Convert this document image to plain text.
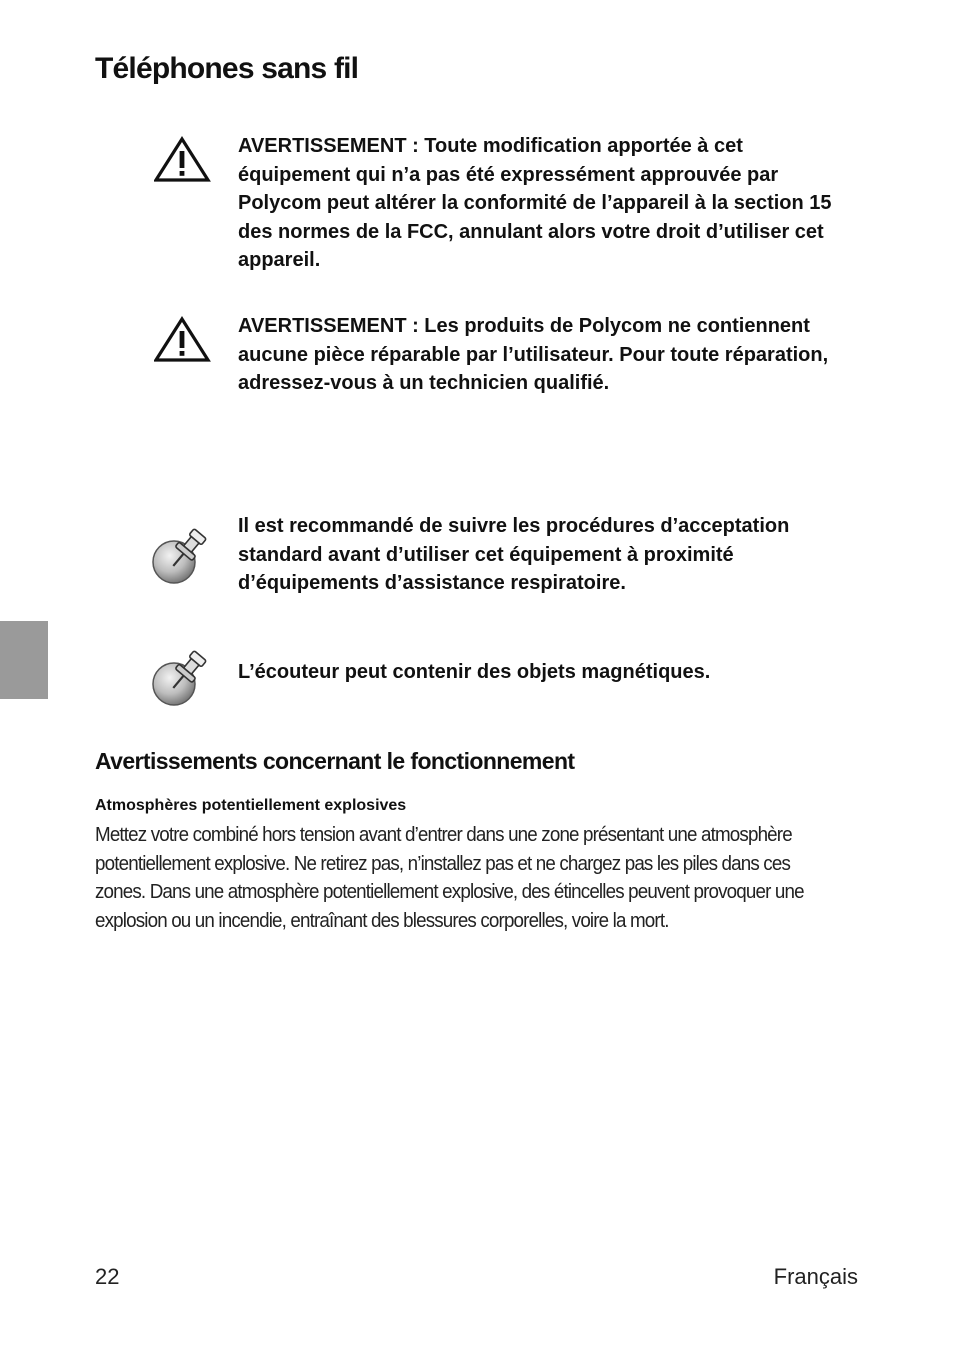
Téléphones sans fil

AVERTISSEMENT : Toute modification apportée à cet équipement qui n’a pas été expressément approuvée par Polycom peut altérer la conformité de l’appareil à la section 15 des normes de la FCC, annulant alors votre droit d’utiliser cet appareil.

AVERTISSEMENT : Les produits de Polycom ne contiennent aucune pièce réparable par l’utilisateur. Pour toute réparation, adressez-vous à un technicien qualifié.

Il est recommandé de suivre les procédures d’acceptation standard avant d’utiliser cet équipement à proximité d’équipements d’assistance respiratoire.

L’écouteur peut contenir des objets magnétiques.

Avertissements concernant le fonctionnement
Atmosphères potentiellement explosives

Mettez votre combiné hors tension avant d’entrer dans une zone présentant une atmosphère potentiellement explosive. Ne retirez pas, n’installez pas et ne chargez pas les piles dans ces zones. Dans une atmosphère potentiellement explosive, des étincelles peuvent provoquer une explosion ou un incendie, entraînant des blessures corporelles, voire la mort.

22	Français
